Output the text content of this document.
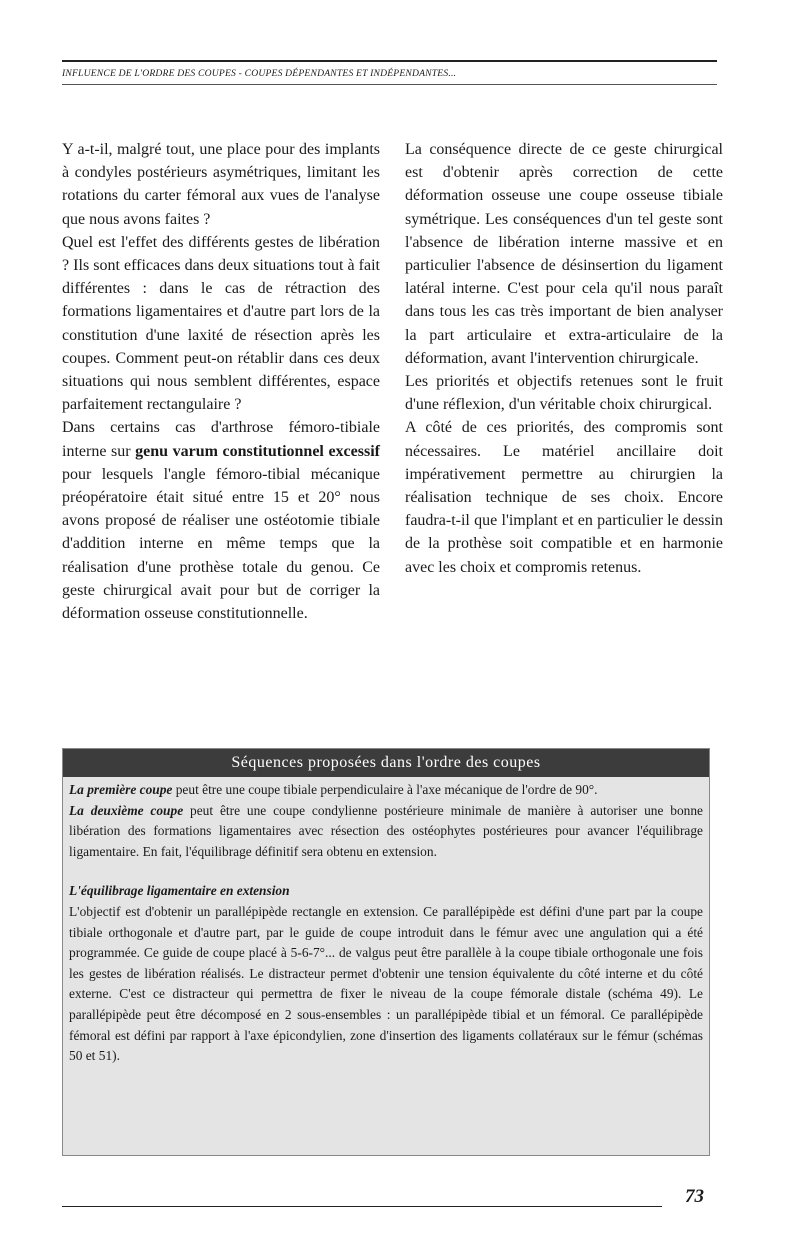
INFLUENCE DE L'ORDRE DES COUPES - COUPES DÉPENDANTES ET INDÉPENDANTES...

Y a-t-il, malgré tout, une place pour des implants à condyles postérieurs asymétriques, limitant les rotations du carter fémoral aux vues de l'analyse que nous avons faites ?

Quel est l'effet des différents gestes de libération ? Ils sont efficaces dans deux situations tout à fait différentes : dans le cas de rétraction des formations ligamentaires et d'autre part lors de la constitution d'une laxité de résection après les coupes. Comment peut-on rétablir dans ces deux situations qui nous semblent différentes, espace parfaitement rectangulaire ?

Dans certains cas d'arthrose fémoro-tibiale interne sur genu varum constitutionnel excessif pour lesquels l'angle fémoro-tibial mécanique préopératoire était situé entre 15 et 20° nous avons proposé de réaliser une ostéotomie tibiale d'addition interne en même temps que la réalisation d'une prothèse totale du genou. Ce geste chirurgical avait pour but de corriger la déformation osseuse constitutionnelle.

La conséquence directe de ce geste chirurgical est d'obtenir après correction de cette déformation osseuse une coupe osseuse tibiale symétrique. Les conséquences d'un tel geste sont l'absence de libération interne massive et en particulier l'absence de désinsertion du ligament latéral interne. C'est pour cela qu'il nous paraît dans tous les cas très important de bien analyser la part articulaire et extra-articulaire de la déformation, avant l'intervention chirurgicale.

Les priorités et objectifs retenues sont le fruit d'une réflexion, d'un véritable choix chirurgical.

A côté de ces priorités, des compromis sont nécessaires. Le matériel ancillaire doit impérativement permettre au chirurgien la réalisation technique de ses choix. Encore faudra-t-il que l'implant et en particulier le dessin de la prothèse soit compatible et en harmonie avec les choix et compromis retenus.

Séquences proposées dans l'ordre des coupes

La première coupe peut être une coupe tibiale perpendiculaire à l'axe mécanique de l'ordre de 90°.

La deuxième coupe peut être une coupe condylienne postérieure minimale de manière à autoriser une bonne libération des formations ligamentaires avec résection des ostéophytes postérieures pour avancer l'équilibrage ligamentaire. En fait, l'équilibrage définitif sera obtenu en extension.

L'équilibrage ligamentaire en extension

L'objectif est d'obtenir un parallépipède rectangle en extension. Ce parallépipède est défini d'une part par la coupe tibiale orthogonale et d'autre part, par le guide de coupe introduit dans le fémur avec une angulation qui a été programmée. Ce guide de coupe placé à 5-6-7°... de valgus peut être parallèle à la coupe tibiale orthogonale une fois les gestes de libération réalisés. Le distracteur permet d'obtenir une tension équivalente du côté interne et du côté externe. C'est ce distracteur qui permettra de fixer le niveau de la coupe fémorale distale (schéma 49). Le parallépipède peut être décomposé en 2 sous-ensembles : un parallépipède tibial et un fémoral. Ce parallépipède fémoral est défini par rapport à l'axe épicondylien, zone d'insertion des ligaments collatéraux sur le fémur (schémas 50 et 51).

73
